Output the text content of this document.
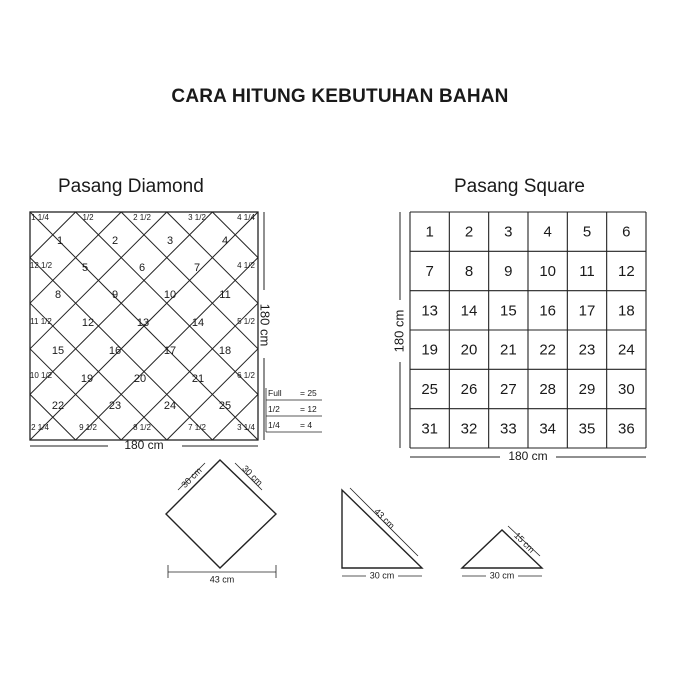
CARA HITUNG KEBUTUHAN BAHAN
Pasang Diamond	Pasang Square
1	2	3	4
5	6	7
8	9	10	11
12	13	14
15	16	17	18
19	20	21
22	23	24	25
1/2	2 1/2	3 1/2
7 1/2
8 1/2
9 1/2
10 1/2
11 1/2
12 1/2	4 1/2
5 1/2
6 1/2
1 1/4	4 1/4
2 1/4	3 1/4
180 cm
180 cm
Full = 25
1/2 = 12
1/4 = 4
1 2 3 4 5 6
7 8 9 10 11 12
13 14 15 16 17 18
19 20 21 22 23 24
25 26 27 28 29 30
31 32 33 34 35 36
180 cm
180 cm
30 cm	30 cm
43 cm
43 cm
30 cm
15 cm
30 cm
